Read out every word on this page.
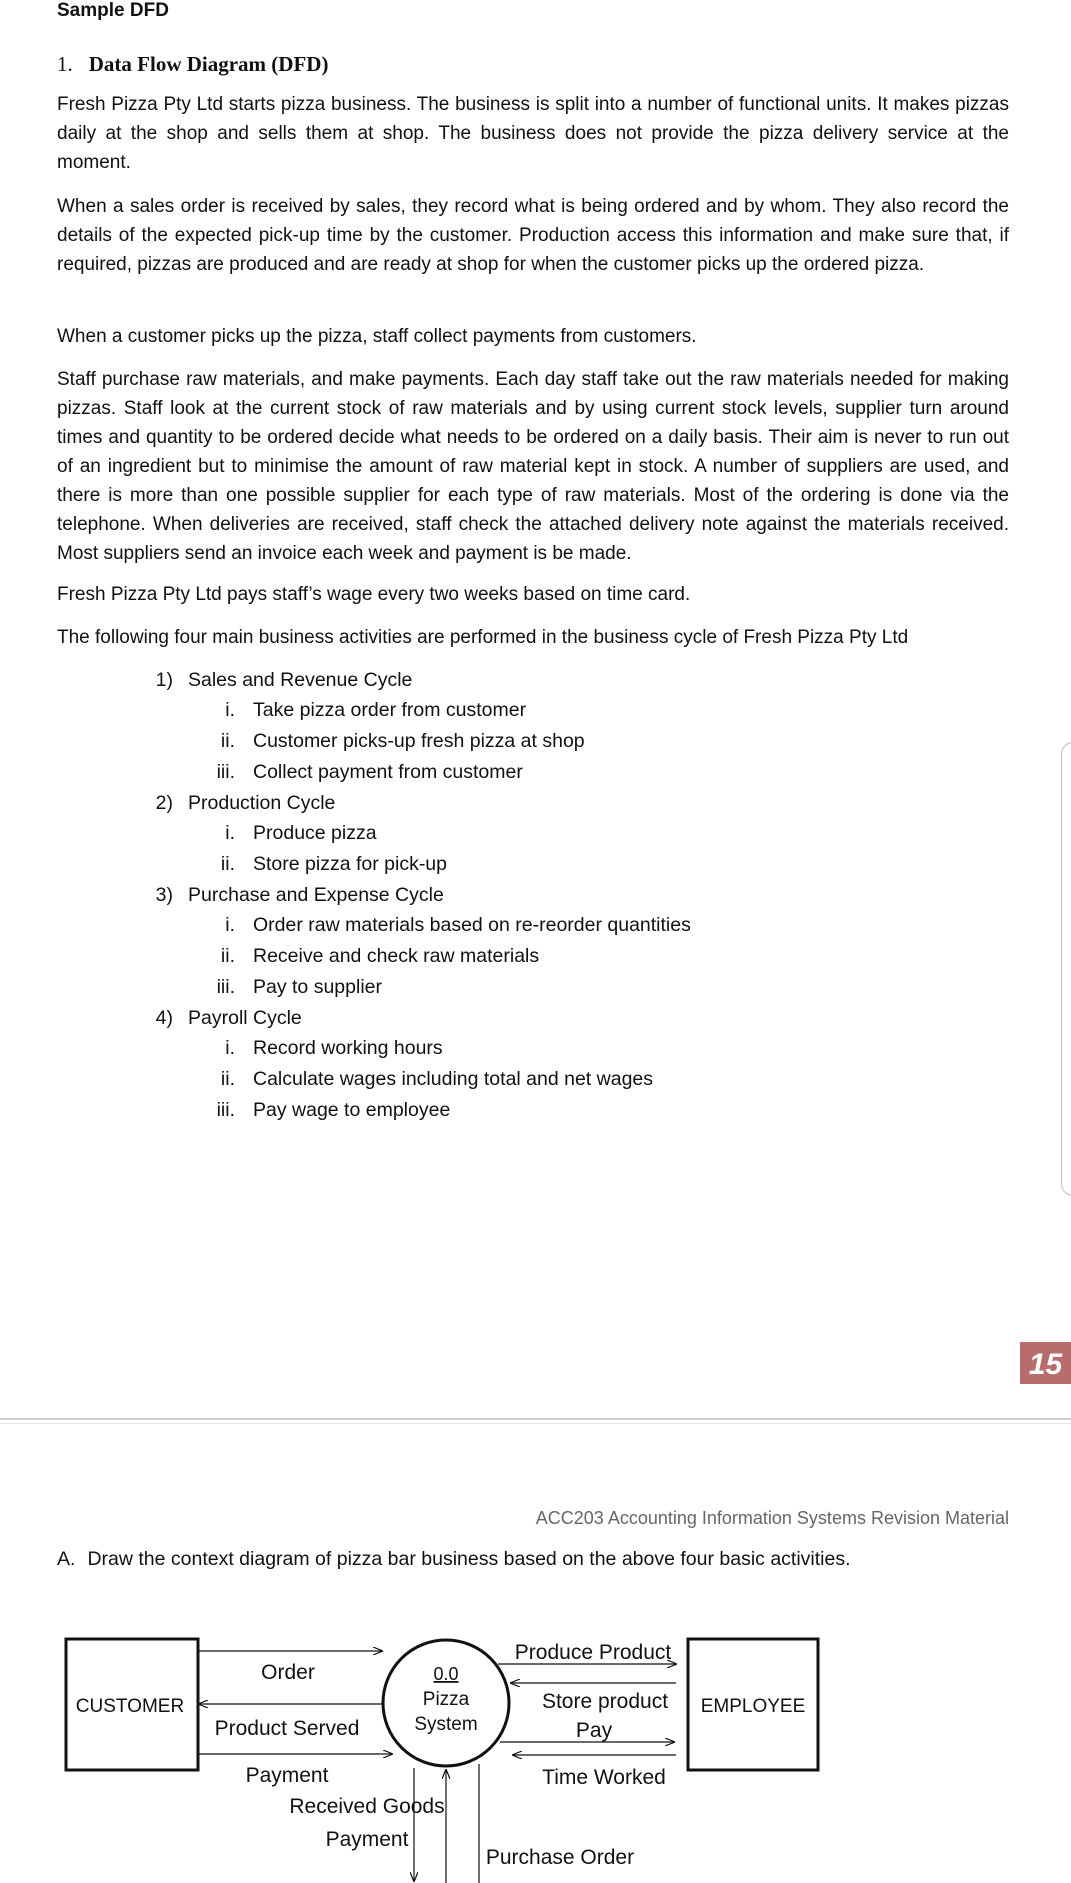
Sample DFD
1. Data Flow Diagram (DFD)
Fresh Pizza Pty Ltd starts pizza business. The business is split into a number of functional units. It makes pizzas daily at the shop and sells them at shop. The business does not provide the pizza delivery service at the moment.
When a sales order is received by sales, they record what is being ordered and by whom. They also record the details of the expected pick-up time by the customer. Production access this information and make sure that, if required, pizzas are produced and are ready at shop for when the customer picks up the ordered pizza.
When a customer picks up the pizza, staff collect payments from customers.
Staff purchase raw materials, and make payments. Each day staff take out the raw materials needed for making pizzas. Staff look at the current stock of raw materials and by using current stock levels, supplier turn around times and quantity to be ordered decide what needs to be ordered on a daily basis. Their aim is never to run out of an ingredient but to minimise the amount of raw material kept in stock. A number of suppliers are used, and there is more than one possible supplier for each type of raw materials. Most of the ordering is done via the telephone. When deliveries are received, staff check the attached delivery note against the materials received. Most suppliers send an invoice each week and payment is be made.
Fresh Pizza Pty Ltd pays staff’s wage every two weeks based on time card.
The following four main business activities are performed in the business cycle of Fresh Pizza Pty Ltd
1) Sales and Revenue Cycle
i. Take pizza order from customer
ii. Customer picks-up fresh pizza at shop
iii. Collect payment from customer
2) Production Cycle
i. Produce pizza
ii. Store pizza for pick-up
3) Purchase and Expense Cycle
i. Order raw materials based on re-reorder quantities
ii. Receive and check raw materials
iii. Pay to supplier
4) Payroll Cycle
i. Record working hours
ii. Calculate wages including total and net wages
iii. Pay wage to employee
15
ACC203 Accounting Information Systems Revision Material
A. Draw the context diagram of pizza bar business based on the above four basic activities.
CUSTOMER	EMPLOYEE
0.0
Pizza
System
Order
Product Served
Payment
Produce Product
Store product
Pay
Time Worked
Received Goods
Payment
Purchase Order
